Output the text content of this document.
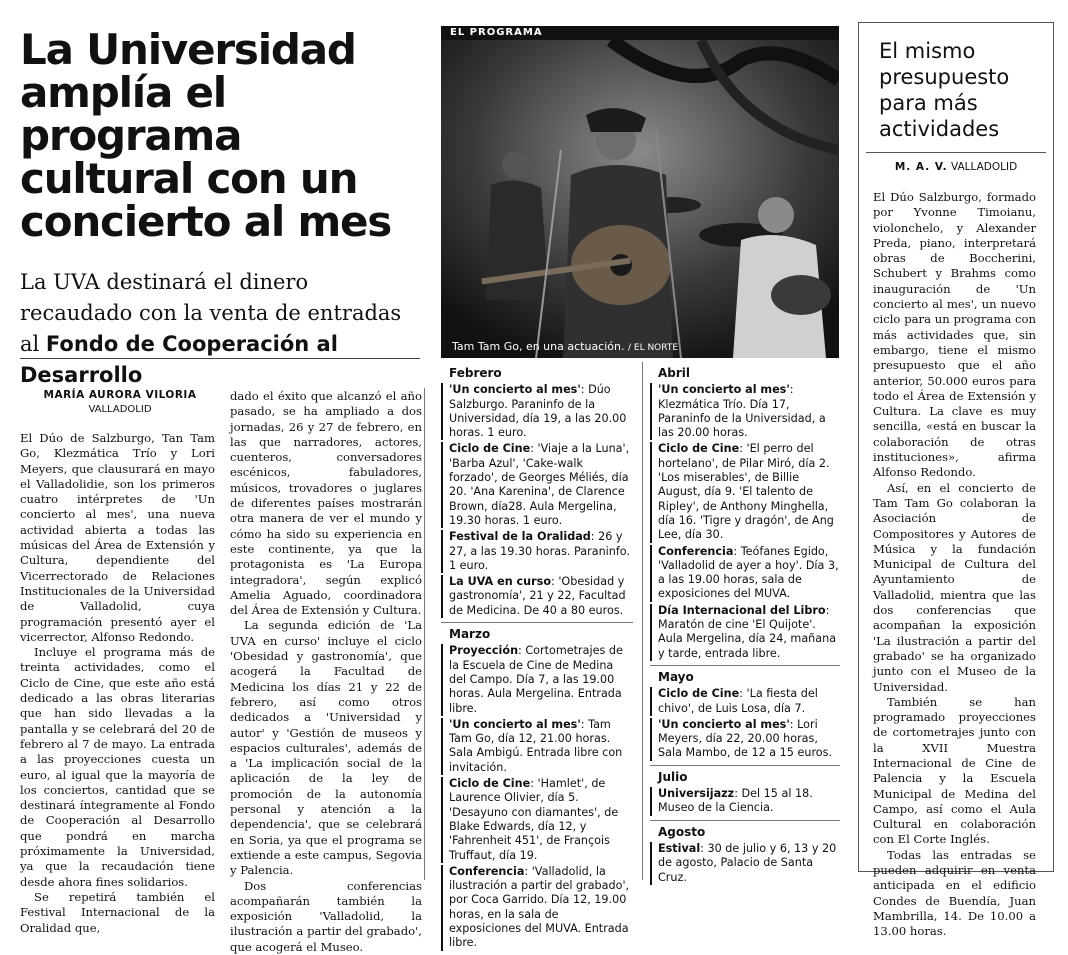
La Universidad amplía el programa cultural con un concierto al mes
La UVA destinará el dinero recaudado con la venta de entradas al Fondo de Cooperación al Desarrollo
MARÍA AURORA VILORIA
VALLADOLID

El Dúo de Salzburgo, Tan Tam Go, Klezmática Trío y Lori Meyers, que clausurará en mayo el Valladolidie, son los primeros cuatro intérpretes de 'Un concierto al mes', una nueva actividad abierta a todas las músicas del Área de Extensión y Cultura, dependiente del Vicerrectorado de Relaciones Institucionales de la Universidad de Valladolid, cuya programación presentó ayer el vicerrector, Alfonso Redondo.

Incluye el programa más de treinta actividades, como el Ciclo de Cine, que este año está dedicado a las obras literarias que han sido llevadas a la pantalla y se celebrará del 20 de febrero al 7 de mayo. La entrada a las proyecciones cuesta un euro, al igual que la mayoría de los conciertos, cantidad que se destinará íntegramente al Fondo de Cooperación al Desarrollo que pondrá en marcha próximamente la Universidad, ya que la recaudación tiene desde ahora fines solidarios.

Se repetirá también el Festival Internacional de la Oralidad que,

dado el éxito que alcanzó el año pasado, se ha ampliado a dos jornadas, 26 y 27 de febrero, en las que narradores, actores, cuenteros, conversadores escénicos, fabuladores, músicos, trovadores o juglares de diferentes países mostrarán otra manera de ver el mundo y cómo ha sido su experiencia en este continente, ya que la protagonista es 'La Europa integradora', según explicó Amelia Aguado, coordinadora del Área de Extensión y Cultura.

La segunda edición de 'La UVA en curso' incluye el ciclo 'Obesidad y gastronomía', que acogerá la Facultad de Medicina los días 21 y 22 de febrero, así como otros dedicados a 'Universidad y autor' y 'Gestión de museos y espacios culturales', además de a 'La implicación social de la aplicación de la ley de promoción de la autonomía personal y atención a la dependencia', que se celebrará en Soria, ya que el programa se extiende a este campus, Segovia y Palencia.

Dos conferencias acompañarán también la exposición 'Valladolid, la ilustración a partir del grabado', que acogerá el Museo.

EL PROGRAMA
Tam Tam Go, en una actuación. / EL NORTE
Febrero
'Un concierto al mes': Dúo Salzburgo. Paraninfo de la Universidad, día 19, a las 20.00 horas. 1 euro.
Ciclo de Cine: 'Viaje a la Luna', 'Barba Azul', 'Cake-walk forzado', de Georges Méliés, día 20. 'Ana Karenina', de Clarence Brown, día28. Aula Mergelina, 19.30 horas. 1 euro.
Festival de la Oralidad: 26 y 27, a las 19.30 horas. Paraninfo. 1 euro.
La UVA en curso: 'Obesidad y gastronomía', 21 y 22, Facultad de Medicina. De 40 a 80 euros.
Marzo
Proyección: Cortometrajes de la Escuela de Cine de Medina del Campo. Día 7, a las 19.00 horas. Aula Mergelina. Entrada libre.
'Un concierto al mes': Tam Tam Go, día 12, 21.00 horas. Sala Ambigú. Entrada libre con invitación.
Ciclo de Cine: 'Hamlet', de Laurence Olivier, día 5. 'Desayuno con diamantes', de Blake Edwards, día 12, y 'Fahrenheit 451', de François Truffaut, día 19.
Conferencia: 'Valladolid, la ilustración a partir del grabado', por Coca Garrido. Día 12, 19.00 horas, en la sala de exposiciones del MUVA. Entrada libre.
Abril
'Un concierto al mes': Klezmática Trío. Día 17, Paraninfo de la Universidad, a las 20.00 horas.
Ciclo de Cine: 'El perro del hortelano', de Pilar Miró, día 2. 'Los miserables', de Billie August, día 9. 'El talento de Ripley', de Anthony Minghella, día 16. 'Tigre y dragón', de Ang Lee, día 30.
Conferencia: Teófanes Egido, 'Valladolid de ayer a hoy'. Día 3, a las 19.00 horas, sala de exposiciones del MUVA.
Día Internacional del Libro: Maratón de cine 'El Quijote'. Aula Mergelina, día 24, mañana y tarde, entrada libre.
Mayo
Ciclo de Cine: 'La fiesta del chivo', de Luis Losa, día 7.
'Un concierto al mes': Lori Meyers, día 22, 20.00 horas, Sala Mambo, de 12 a 15 euros.
Julio
Universijazz: Del 15 al 18. Museo de la Ciencia.
Agosto
Estival: 30 de julio y 6, 13 y 20 de agosto, Palacio de Santa Cruz.
El mismo presupuesto para más actividades
M. A. V. VALLADOLID

El Dúo Salzburgo, formado por Yvonne Timoianu, violonchelo, y Alexander Preda, piano, interpretará obras de Boccherini, Schubert y Brahms como inauguración de 'Un concierto al mes', un nuevo ciclo para un programa con más actividades que, sin embargo, tiene el mismo presupuesto que el año anterior, 50.000 euros para todo el Área de Extensión y Cultura. La clave es muy sencilla, «está en buscar la colaboración de otras instituciones», afirma Alfonso Redondo.

Así, en el concierto de Tam Tam Go colaboran la Asociación de Compositores y Autores de Música y la fundación Municipal de Cultura del Ayuntamiento de Valladolid, mientra que las dos conferencias que acompañan la exposición 'La ilustración a partir del grabado' se ha organizado junto con el Museo de la Universidad.

También se han programado proyecciones de cortometrajes junto con la XVII Muestra Internacional de Cine de Palencia y la Escuela Municipal de Medina del Campo, así como el Aula Cultural en colaboración con El Corte Inglés.

Todas las entradas se pueden adquirir en venta anticipada en el edificio Condes de Buendía, Juan Mambrilla, 14. De 10.00 a 13.00 horas.
